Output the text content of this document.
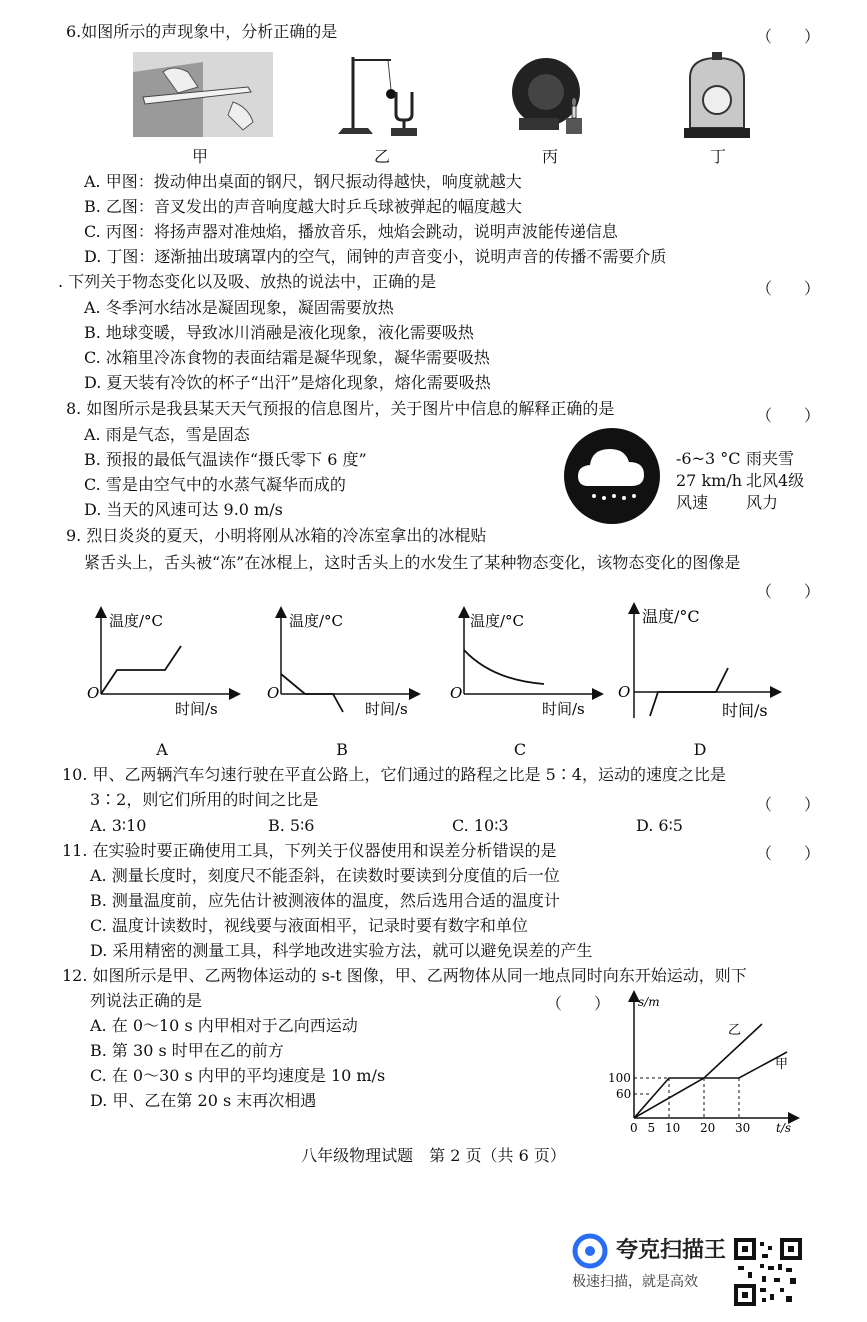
6.如图所示的声现象中，分析正确的是	（　　）
甲	乙	丙	丁
A. 甲图：拨动伸出桌面的钢尺，钢尺振动得越快，响度就越大
B. 乙图：音叉发出的声音响度越大时乒乓球被弹起的幅度越大
C. 丙图：将扬声器对准烛焰，播放音乐，烛焰会跳动，说明声波能传递信息
D. 丁图：逐渐抽出玻璃罩内的空气，闹钟的声音变小，说明声音的传播不需要介质
. 下列关于物态变化以及吸、放热的说法中，正确的是	（　　）
A. 冬季河水结冰是凝固现象，凝固需要放热
B. 地球变暖，导致冰川消融是液化现象，液化需要吸热
C. 冰箱里冷冻食物的表面结霜是凝华现象，凝华需要吸热
D. 夏天装有冷饮的杯子“出汗”是熔化现象，熔化需要吸热
8. 如图所示是我县某天天气预报的信息图片，关于图片中信息的解释正确的是	（　　）
A. 雨是气态，雪是固态
B. 预报的最低气温读作“摄氏零下 6 度”
C. 雪是由空气中的水蒸气凝华而成的
D. 当天的风速可达 9.0 m/s
-6~3 °C 雨夹雪
27 km/h 北风4级
风速 风力
9. 烈日炎炎的夏天，小明将刚从冰箱的冷冻室拿出的冰棍贴
紧舌头上，舌头被“冻”在冰棍上，这时舌头上的水发生了某种物态变化，该物态变化的图像是
（　　）
温度/°C
时间/s
O
A
温度/°C
时间/s
O
B
温度/°C
时间/s
O
C
温度/°C
时间/s
O
D
10. 甲、乙两辆汽车匀速行驶在平直公路上，它们通过的路程之比是 5∶4，运动的速度之比是
3∶2，则它们所用的时间之比是	（　　）
A. 3∶10	B. 5∶6	C. 10∶3	D. 6∶5
11. 在实验时要正确使用工具，下列关于仪器使用和误差分析错误的是	（　　）
A. 测量长度时，刻度尺不能歪斜，在读数时要读到分度值的后一位
B. 测量温度前，应先估计被测液体的温度，然后选用合适的温度计
C. 温度计读数时，视线要与液面相平，记录时要有数字和单位
D. 采用精密的测量工具，科学地改进实验方法，就可以避免误差的产生
12. 如图所示是甲、乙两物体运动的 s-t 图像，甲、乙两物体从同一地点同时向东开始运动，则下
列说法正确的是	（　　）
A. 在 0～10 s 内甲相对于乙向西运动
B. 第 30 s 时甲在乙的前方
C. 在 0～30 s 内甲的平均速度是 10 m/s
D. 甲、乙在第 20 s 末再次相遇
s/m
t/s
乙
甲
0 5 10 20 30
60
100
八年级物理试题　第 2 页（共 6 页）
夸克扫描王
极速扫描，就是高效
